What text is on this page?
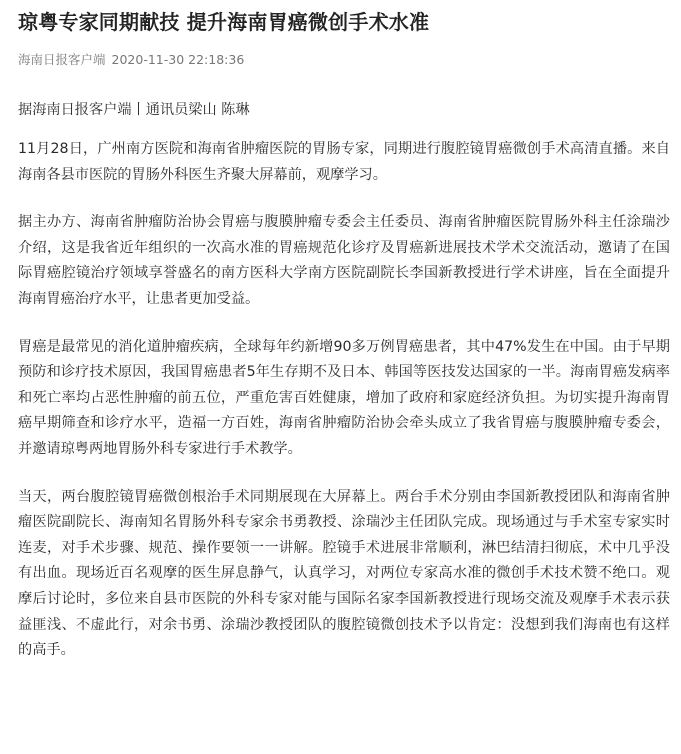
琼粤专家同期献技 提升海南胃癌微创手术水准
海南日报客户端 2020-11-30 22:18:36
据海南日报客户端丨通讯员梁山 陈琳

11月28日，广州南方医院和海南省肿瘤医院的胃肠专家，同期进行腹腔镜胃癌微创手术高清直播。来自海南各县市医院的胃肠外科医生齐聚大屏幕前，观摩学习。

据主办方、海南省肿瘤防治协会胃癌与腹膜肿瘤专委会主任委员、海南省肿瘤医院胃肠外科主任涂瑞沙介绍，这是我省近年组织的一次高水准的胃癌规范化诊疗及胃癌新进展技术学术交流活动，邀请了在国际胃癌腔镜治疗领域享誉盛名的南方医科大学南方医院副院长李国新教授进行学术讲座，旨在全面提升海南胃癌治疗水平，让患者更加受益。

胃癌是最常见的消化道肿瘤疾病，全球每年约新增90多万例胃癌患者，其中47%发生在中国。由于早期预防和诊疗技术原因，我国胃癌患者5年生存期不及日本、韩国等医技发达国家的一半。海南胃癌发病率和死亡率均占恶性肿瘤的前五位，严重危害百姓健康，增加了政府和家庭经济负担。为切实提升海南胃癌早期筛查和诊疗水平，造福一方百姓，海南省肿瘤防治协会牵头成立了我省胃癌与腹膜肿瘤专委会，并邀请琼粤两地胃肠外科专家进行手术教学。

当天，两台腹腔镜胃癌微创根治手术同期展现在大屏幕上。两台手术分别由李国新教授团队和海南省肿瘤医院副院长、海南知名胃肠外科专家余书勇教授、涂瑞沙主任团队完成。现场通过与手术室专家实时连麦，对手术步骤、规范、操作要领一一讲解。腔镜手术进展非常顺利，淋巴结清扫彻底，术中几乎没有出血。现场近百名观摩的医生屏息静气，认真学习，对两位专家高水准的微创手术技术赞不绝口。观摩后讨论时，多位来自县市医院的外科专家对能与国际名家李国新教授进行现场交流及观摩手术表示获益匪浅、不虚此行，对余书勇、涂瑞沙教授团队的腹腔镜微创技术予以肯定：没想到我们海南也有这样的高手。
